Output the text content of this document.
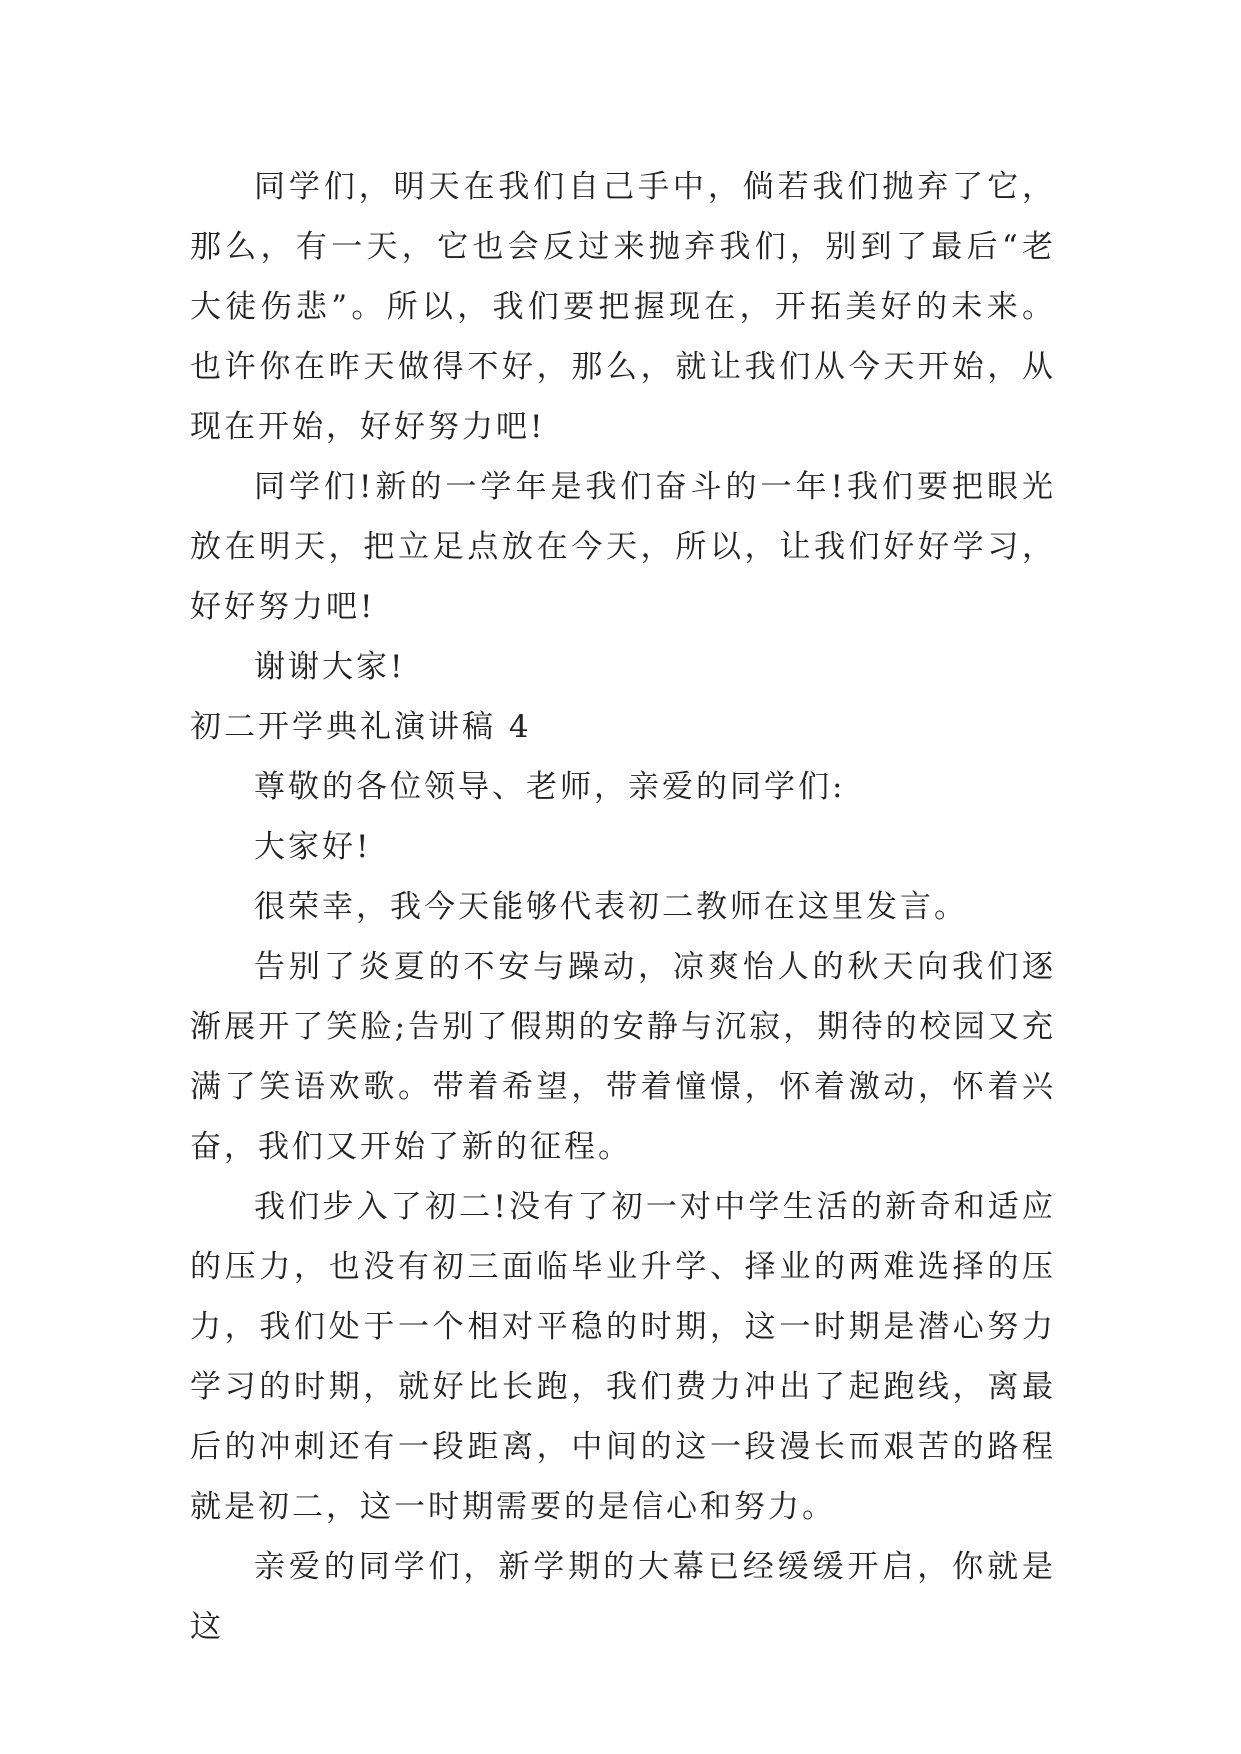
同学们，明天在我们自己手中，倘若我们抛弃了它，那么，有一天，它也会反过来抛弃我们，别到了最后“老大徒伤悲”。所以，我们要把握现在，开拓美好的未来。也许你在昨天做得不好，那么，就让我们从今天开始，从现在开始，好好努力吧!

同学们!新的一学年是我们奋斗的一年!我们要把眼光放在明天，把立足点放在今天，所以，让我们好好学习，好好努力吧!

谢谢大家!

初二开学典礼演讲稿 4

尊敬的各位领导、老师，亲爱的同学们:

大家好!

很荣幸，我今天能够代表初二教师在这里发言。

告别了炎夏的不安与躁动，凉爽怡人的秋天向我们逐渐展开了笑脸;告别了假期的安静与沉寂，期待的校园又充满了笑语欢歌。带着希望，带着憧憬，怀着激动，怀着兴奋，我们又开始了新的征程。

我们步入了初二!没有了初一对中学生活的新奇和适应的压力，也没有初三面临毕业升学、择业的两难选择的压力，我们处于一个相对平稳的时期，这一时期是潜心努力学习的时期，就好比长跑，我们费力冲出了起跑线，离最后的冲刺还有一段距离，中间的这一段漫长而艰苦的路程就是初二，这一时期需要的是信心和努力。

亲爱的同学们，新学期的大幕已经缓缓开启，你就是这
